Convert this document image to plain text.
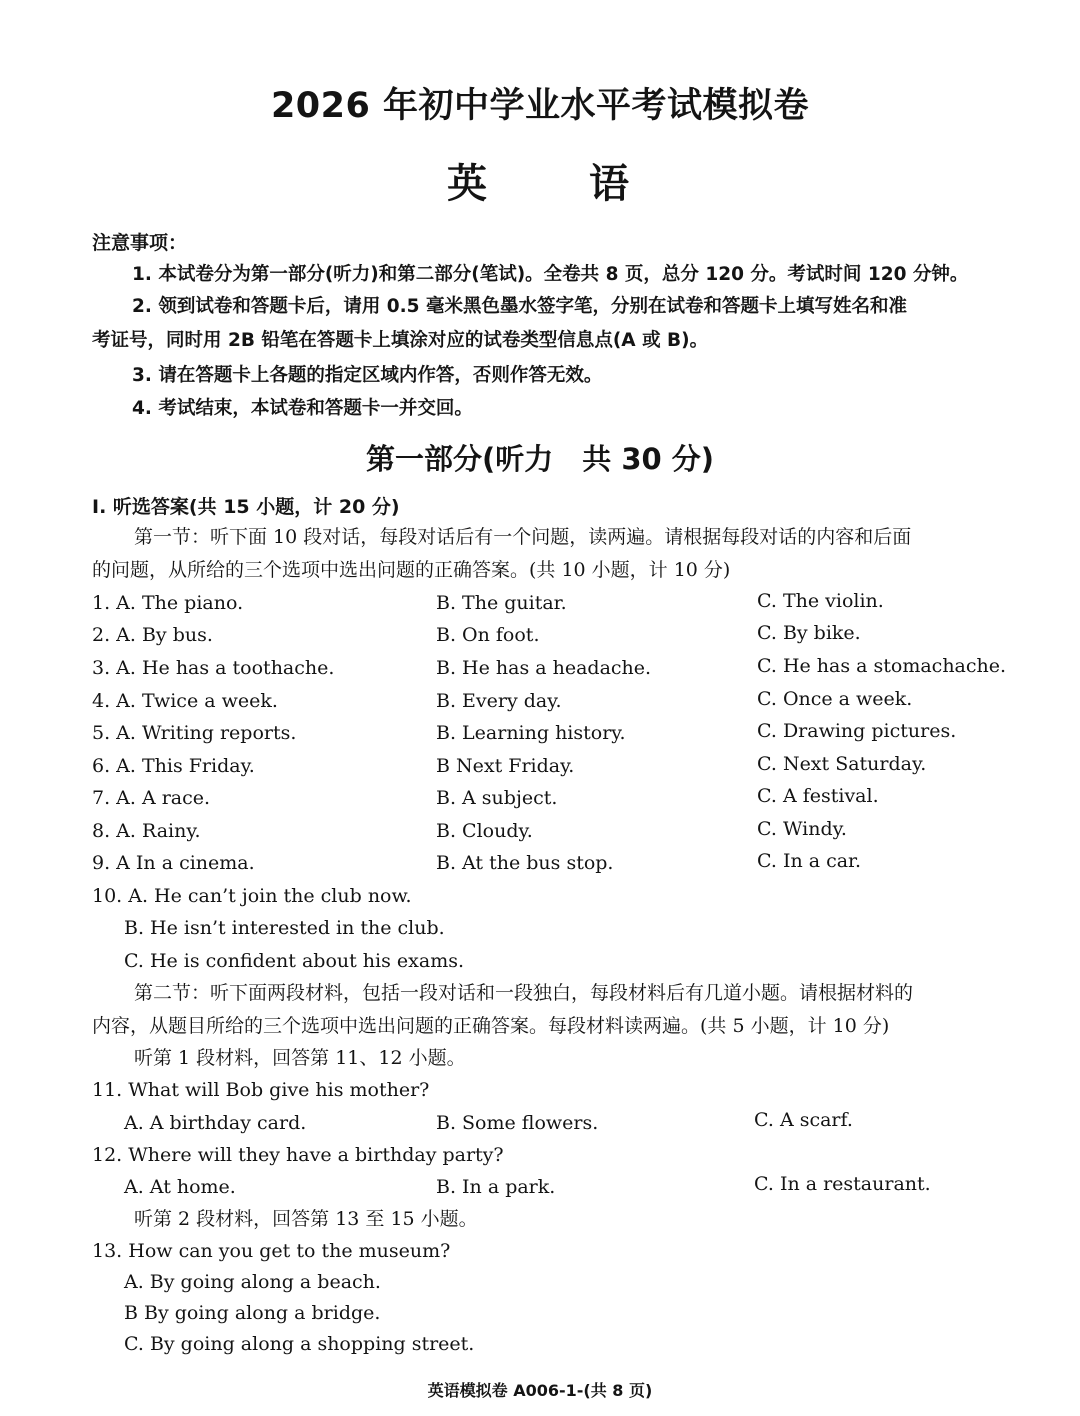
2026 年初中学业水平考试模拟卷
英 语
注意事项：
1. 本试卷分为第一部分(听力)和第二部分(笔试)。全卷共 8 页，总分 120 分。考试时间 120 分钟。
2. 领到试卷和答题卡后，请用 0.5 毫米黑色墨水签字笔，分别在试卷和答题卡上填写姓名和准
考证号，同时用 2B 铅笔在答题卡上填涂对应的试卷类型信息点(A 或 B)。
3. 请在答题卡上各题的指定区域内作答，否则作答无效。
4. 考试结束，本试卷和答题卡一并交回。
第一部分(听力　共 30 分)
Ⅰ. 听选答案(共 15 小题，计 20 分)
第一节：听下面 10 段对话，每段对话后有一个问题，读两遍。请根据每段对话的内容和后面
的问题，从所给的三个选项中选出问题的正确答案。(共 10 小题，计 10 分)
1. A. The piano.	B. The guitar.	C. The violin.
2. A. By bus.	B. On foot.	C. By bike.
3. A. He has a toothache.	B. He has a headache.	C. He has a stomachache.
4. A. Twice a week.	B. Every day.	C. Once a week.
5. A. Writing reports.	B. Learning history.	C. Drawing pictures.
6. A. This Friday.	B Next Friday.	C. Next Saturday.
7. A. A race.	B. A subject.	C. A festival.
8. A. Rainy.	B. Cloudy.	C. Windy.
9. A In a cinema.	B. At the bus stop.	C. In a car.
10. A. He can’t join the club now.
B. He isn’t interested in the club.
C. He is confident about his exams.
第二节：听下面两段材料，包括一段对话和一段独白，每段材料后有几道小题。请根据材料的
内容，从题目所给的三个选项中选出问题的正确答案。每段材料读两遍。(共 5 小题，计 10 分)
听第 1 段材料，回答第 11、12 小题。
11. What will Bob give his mother?
A. A birthday card.	B. Some flowers.	C. A scarf.
12. Where will they have a birthday party?
A. At home.	B. In a park.	C. In a restaurant.
听第 2 段材料，回答第 13 至 15 小题。
13. How can you get to the museum?
A. By going along a beach.
B By going along a bridge.
C. By going along a shopping street.
英语模拟卷 A006-1-(共 8 页)
